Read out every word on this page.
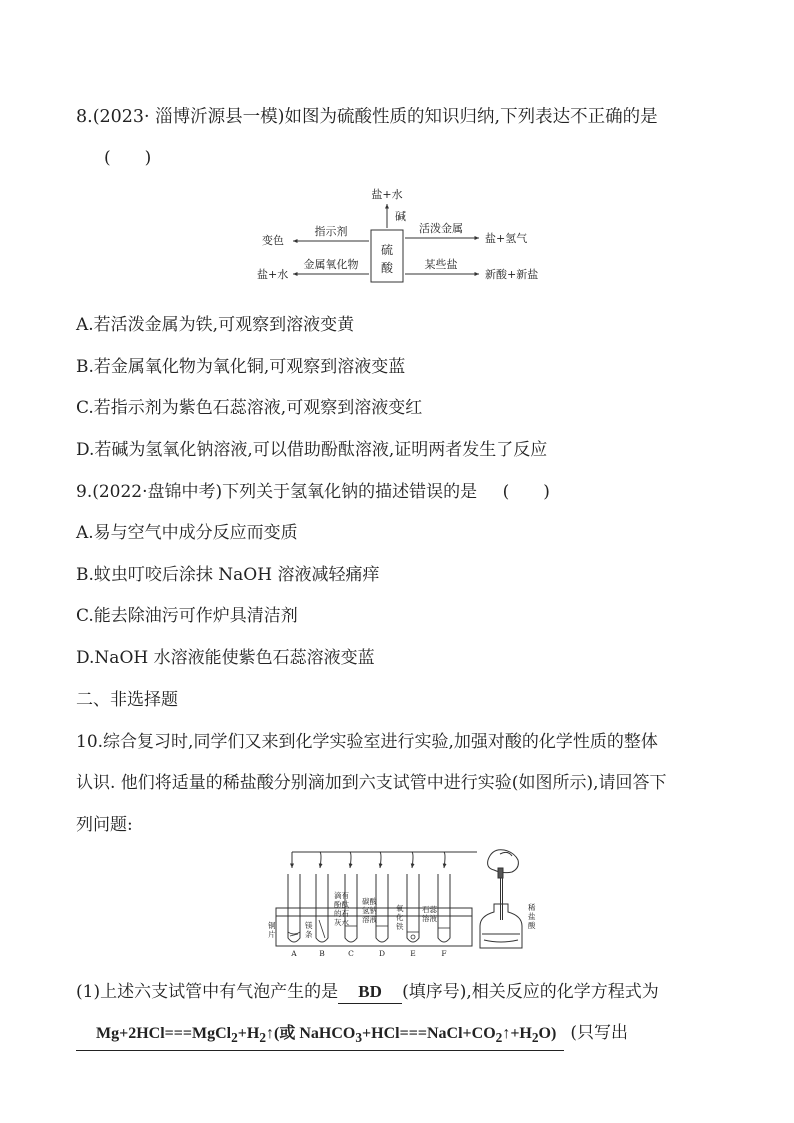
8.(2023· 淄博沂源县一模)如图为硫酸性质的知识归纳,下列表达不正确的是
(　　)
硫
酸
盐+水
碱
指示剂
变色
金属氧化物
盐+水
活泼金属
盐+氢气
某些盐
新酸+新盐
A.若活泼金属为铁,可观察到溶液变黄
B.若金属氧化物为氧化铜,可观察到溶液变蓝
C.若指示剂为紫色石蕊溶液,可观察到溶液变红
D.若碱为氢氧化钠溶液,可以借助酚酞溶液,证明两者发生了反应
9.(2022·盘锦中考)下列关于氢氧化钠的描述错误的是 (　　)
A.易与空气中成分反应而变质
B.蚊虫叮咬后涂抹 NaOH 溶液减轻痛痒
C.能去除油污可作炉具清洁剂
D.NaOH 水溶液能使紫色石蕊溶液变蓝
二、非选择题
10.综合复习时,同学们又来到化学实验室进行实验,加强对酸的化学性质的整体
认识. 他们将适量的稀盐酸分别滴加到六支试管中进行实验(如图所示),请回答下
列问题:
铜
片
镁
条
滴有
酚酞
的石
灰水
碳酸
氢钠
溶液
氧
化
铁
石蕊
溶液
A	B	C	D	E	F
稀
盐
酸
(1)上述六支试管中有气泡产生的是 BD (填序号),相关反应的化学方程式为
$Mg+2HCl===MgCl_2+H_2↑$(或 $NaHCO_3+HCl===NaCl+CO_2↑+H_2O$) (只写出
